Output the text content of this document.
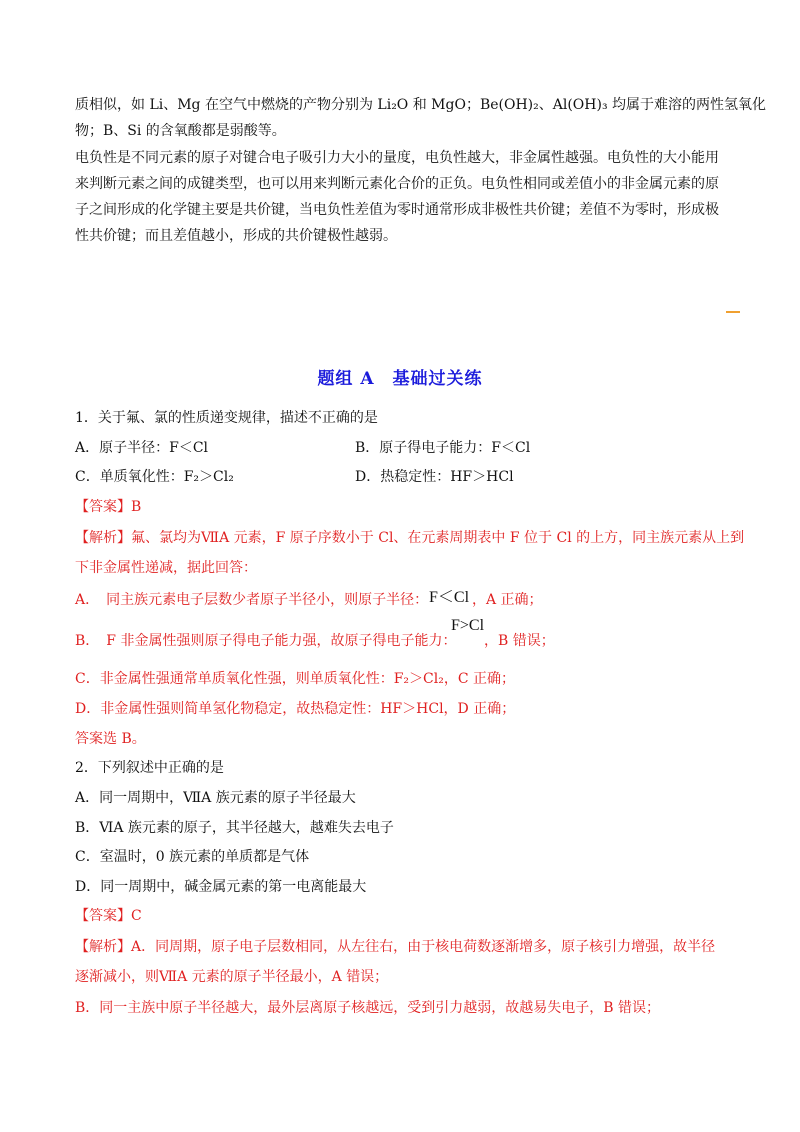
质相似，如 Li、Mg 在空气中燃烧的产物分别为 Li₂O 和 MgO；Be(OH)₂、Al(OH)₃ 均属于难溶的两性氢氧化
物；B、Si 的含氧酸都是弱酸等。
电负性是不同元素的原子对键合电子吸引力大小的量度，电负性越大，非金属性越强。电负性的大小能用
来判断元素之间的成键类型，也可以用来判断元素化合价的正负。电负性相同或差值小的非金属元素的原
子之间形成的化学键主要是共价键，当电负性差值为零时通常形成非极性共价键；差值不为零时，形成极
性共价键；而且差值越小，形成的共价键极性越弱。
题组 A　基础过关练
1．关于氟、氯的性质递变规律，描述不正确的是
A．原子半径：F＜Cl	B．原子得电子能力：F＜Cl
C．单质氧化性：F₂＞Cl₂	D．热稳定性：HF＞HCl
【答案】B
【解析】氟、氯均为ⅦA 元素，F 原子序数小于 Cl、在元素周期表中 F 位于 Cl 的上方，同主族元素从上到
下非金属性递减，据此回答：
A．　同主族元素电子层数少者原子半径小，则原子半径： F＜Cl ，A 正确；
B．　F 非金属性强则原子得电子能力强，故原子得电子能力：
F>Cl
，B 错误；
C．非金属性强通常单质氧化性强，则单质氧化性：F₂＞Cl₂，C 正确；
D．非金属性强则简单氢化物稳定，故热稳定性：HF＞HCl，D 正确；
答案选 B。
2．下列叙述中正确的是
A．同一周期中，ⅦA 族元素的原子半径最大
B．ⅥA 族元素的原子，其半径越大，越难失去电子
C．室温时，0 族元素的单质都是气体
D．同一周期中，碱金属元素的第一电离能最大
【答案】C
【解析】A．同周期，原子电子层数相同，从左往右，由于核电荷数逐渐增多，原子核引力增强，故半径
逐渐减小，则ⅦA 元素的原子半径最小，A 错误；
B．同一主族中原子半径越大，最外层离原子核越远，受到引力越弱，故越易失电子，B 错误；
